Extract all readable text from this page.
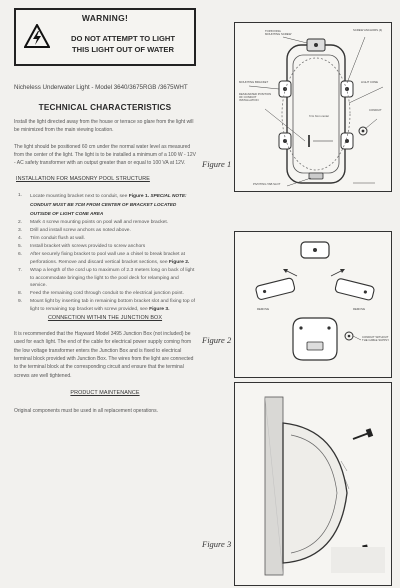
WARNING!
DO NOT ATTEMPT TO LIGHT
THIS LIGHT OUT OF WATER
Nicheless Underwater Light - Model 3640/3675RGB /3675WHT
TECHNICAL CHARACTERISTICS

Install the light directed away from the house or terrace so glare from the light will be minimized from the main viewing location.

The light should be positioned 60 cm under the normal water level as measured from the center of the light. The light is to be installed a minimum of a 100 W - 12V - AC safety transformer with an output greater than or equal to 100 VA at 12V.

INSTALLATION FOR MASONRY POOL STRUCTURE
1. Locate mounting bracket next to conduit, see Figure 1. SPECIAL NOTE: CONDUIT MUST BE 7CM FROM CENTER OF BRACKET LOCATED OUTSIDE OF LIGHT CONE AREA
2. Mark 4 screw mounting points on pool wall and remove bracket.
3. Drill and install screw anchors as noted above.
4. Trim conduit flush at wall.
5. Install bracket with screws provided to screw anchors
6. After securely fixing bracket to pool wall use a chisel to break bracket at perforations. Remove and discard vertical bracket sections, see Figure 2.
7. Wrap a length of the cord up to maximum of 2.3 meters long on back of light to accommodate bringing the light to the pool deck for relamping and service.
8. Feed the remaining cord through conduit to the electrical junction point.
9. Mount light by inserting tab in remaining bottom bracket slot and fixing top of light to remaining top bracket with screw provided, see Figure 3.
CONNECTION WITHIN THE JUNCTION BOX

It is recommended that the Hayward Model 3495 Junction Box (not included) be used for each light. The end of the cable for electrical power supply coming from the low voltage transformer enters the Junction Box and is fixed to electrical terminal block provided with Junction Box. The wires from the light are connected to the terminal block at the corresponding circuit and ensure that the terminal screws are well tightened.

PRODUCT MAINTENANCE

Original components must be used in all replacement operations.

Figure 1
Figure 2
Figure 3
TOP/FIXING MOUNTING SCREW
SCREW ANCHORS (4)
MOUNTING BRACKET	LIGHT CONE
DESIGNATED POSITION OF CONDUIT INSTALLATION
CONDUIT
7cm from center
PIVOTING TAB SLOT
REMOVE	REMOVE
CONDUIT WITHOUT THE CABLE SUPPLY
